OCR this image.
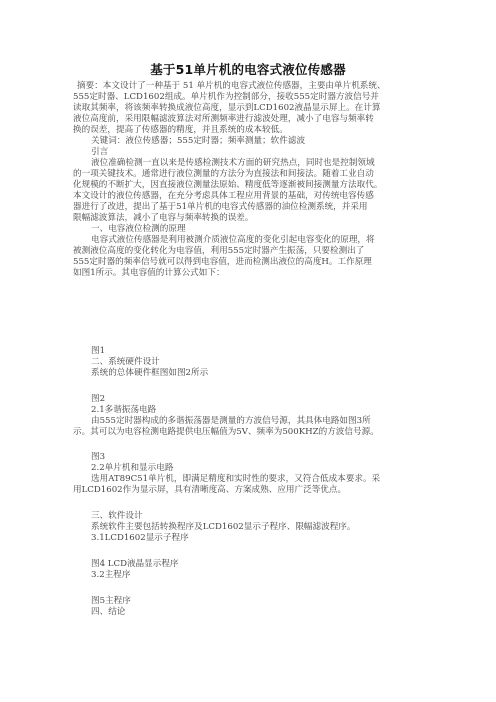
基于51单片机的电容式液位传感器
摘要：本文设计了一种基于 51 单片机的电容式液位传感器，主要由单片机系统、
555定时器、LCD1602组成。单片机作为控制部分，接收555定时器方波信号并
读取其频率，将该频率转换成液位高度，显示到LCD1602液晶显示屏上。在计算
液位高度前，采用限幅滤波算法对所测频率进行滤波处理，减小了电容与频率转
换的误差，提高了传感器的精度，并且系统的成本较低。
关键词：液位传感器；555定时器；频率测量；软件滤波
引言
液位准确检测一直以来是传感检测技术方面的研究热点，同时也是控制领域
的一项关键技术。通常进行液位测量的方法分为直接法和间接法。随着工业自动
化规模的不断扩大，因直接液位测量法原始、精度低等逐渐被间接测量方法取代。
本文设计的液位传感器，在充分考虑具体工程应用背景的基础，对传统电容传感
器进行了改进，提出了基于51单片机的电容式传感器的油位检测系统，并采用
限幅滤波算法，减小了电容与频率转换的误差。
一、电容液位检测的原理
电容式液位传感器是利用被测介质液位高度的变化引起电容变化的原理，将
被测液位高度的变化转化为电容值，利用555定时器产生振荡，只要检测出了
555定时器的频率信号就可以得到电容值，进而检测出液位的高度H。工作原理
如图1所示。其电容值的计算公式如下：
图1
二、系统硬件设计
系统的总体硬件框图如图2所示
图2
2.1多谐振荡电路
由555定时器构成的多谐振荡器是测量的方波信号源，其具体电路如图3所
示。其可以为电容检测电路提供电压幅值为5V、频率为500KHZ的方波信号源。
图3
2.2单片机和显示电路
选用AT89C51单片机，即满足精度和实时性的要求，又符合低成本要求。采
用LCD1602作为显示屏，具有清晰度高、方案成熟、应用广泛等优点。
三、软件设计
系统软件主要包括转换程序及LCD1602显示子程序、限幅滤波程序。
3.1LCD1602显示子程序
图4 LCD液晶显示程序
3.2主程序
图5主程序
四、结论
